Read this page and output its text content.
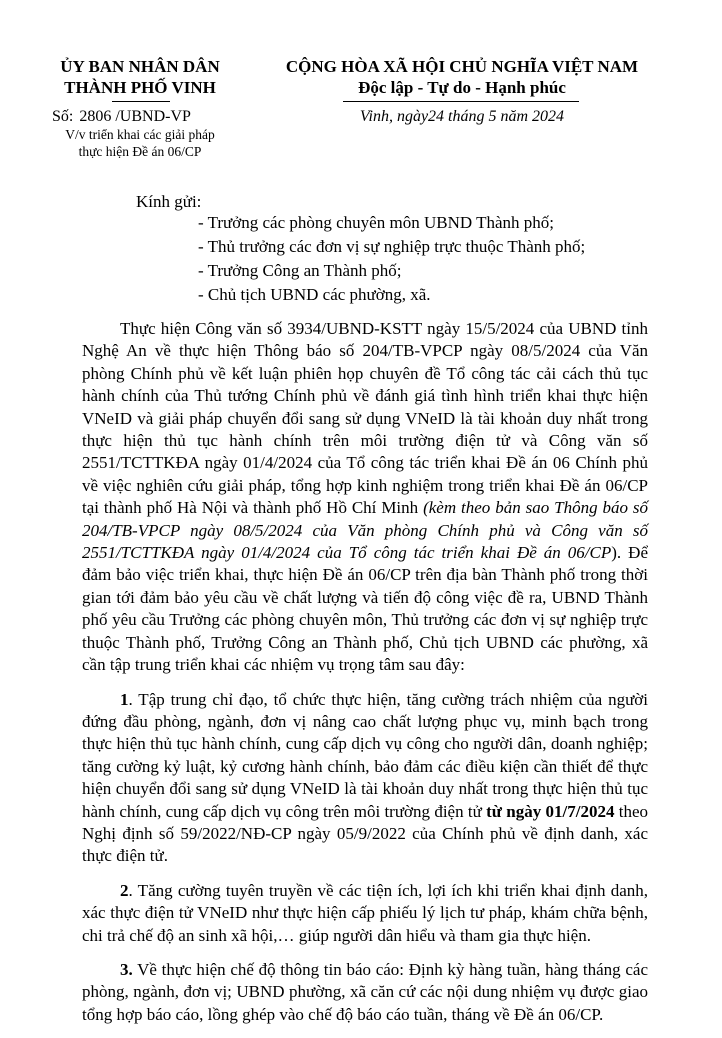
ỦY BAN NHÂN DÂN
THÀNH PHỐ VINH
CỘNG HÒA XÃ HỘI CHỦ NGHĨA VIỆT NAM
Độc lập - Tự do - Hạnh phúc
Số: 2806 /UBND-VP
V/v triển khai các giải pháp
thực hiện Đề án 06/CP
Vinh, ngày24 tháng 5 năm 2024
Kính gửi:
- Trưởng các phòng chuyên môn UBND Thành phố;
- Thủ trưởng các đơn vị sự nghiệp trực thuộc Thành phố;
- Trưởng Công an Thành phố;
- Chủ tịch UBND các phường, xã.

Thực hiện Công văn số 3934/UBND-KSTT ngày 15/5/2024 của UBND tỉnh Nghệ An về thực hiện Thông báo số 204/TB-VPCP ngày 08/5/2024 của Văn phòng Chính phủ về kết luận phiên họp chuyên đề Tổ công tác cải cách thủ tục hành chính của Thủ tướng Chính phủ về đánh giá tình hình triển khai thực hiện VNeID và giải pháp chuyển đổi sang sử dụng VNeID là tài khoản duy nhất trong thực hiện thủ tục hành chính trên môi trường điện tử và Công văn số 2551/TCTTKĐA ngày 01/4/2024 của Tổ công tác triển khai Đề án 06 Chính phủ về việc nghiên cứu giải pháp, tổng hợp kinh nghiệm trong triển khai Đề án 06/CP tại thành phố Hà Nội và thành phố Hồ Chí Minh (kèm theo bản sao Thông báo số 204/TB-VPCP ngày 08/5/2024 của Văn phòng Chính phủ và Công văn số 2551/TCTTKĐA ngày 01/4/2024 của Tổ công tác triển khai Đề án 06/CP). Để đảm bảo việc triển khai, thực hiện Đề án 06/CP trên địa bàn Thành phố trong thời gian tới đảm bảo yêu cầu về chất lượng và tiến độ công việc đề ra, UBND Thành phố yêu cầu Trưởng các phòng chuyên môn, Thủ trưởng các đơn vị sự nghiệp trực thuộc Thành phố, Trưởng Công an Thành phố, Chủ tịch UBND các phường, xã cần tập trung triển khai các nhiệm vụ trọng tâm sau đây:

1. Tập trung chỉ đạo, tổ chức thực hiện, tăng cường trách nhiệm của người đứng đầu phòng, ngành, đơn vị nâng cao chất lượng phục vụ, minh bạch trong thực hiện thủ tục hành chính, cung cấp dịch vụ công cho người dân, doanh nghiệp; tăng cường kỷ luật, kỷ cương hành chính, bảo đảm các điều kiện cần thiết để thực hiện chuyển đổi sang sử dụng VNeID là tài khoản duy nhất trong thực hiện thủ tục hành chính, cung cấp dịch vụ công trên môi trường điện tử từ ngày 01/7/2024 theo Nghị định số 59/2022/NĐ-CP ngày 05/9/2022 của Chính phủ về định danh, xác thực điện tử.

2. Tăng cường tuyên truyền về các tiện ích, lợi ích khi triển khai định danh, xác thực điện tử VNeID như thực hiện cấp phiếu lý lịch tư pháp, khám chữa bệnh, chi trả chế độ an sinh xã hội,… giúp người dân hiểu và tham gia thực hiện.

3. Về thực hiện chế độ thông tin báo cáo: Định kỳ hàng tuần, hàng tháng các phòng, ngành, đơn vị; UBND phường, xã căn cứ các nội dung nhiệm vụ được giao tổng hợp báo cáo, lồng ghép vào chế độ báo cáo tuần, tháng về Đề án 06/CP.
